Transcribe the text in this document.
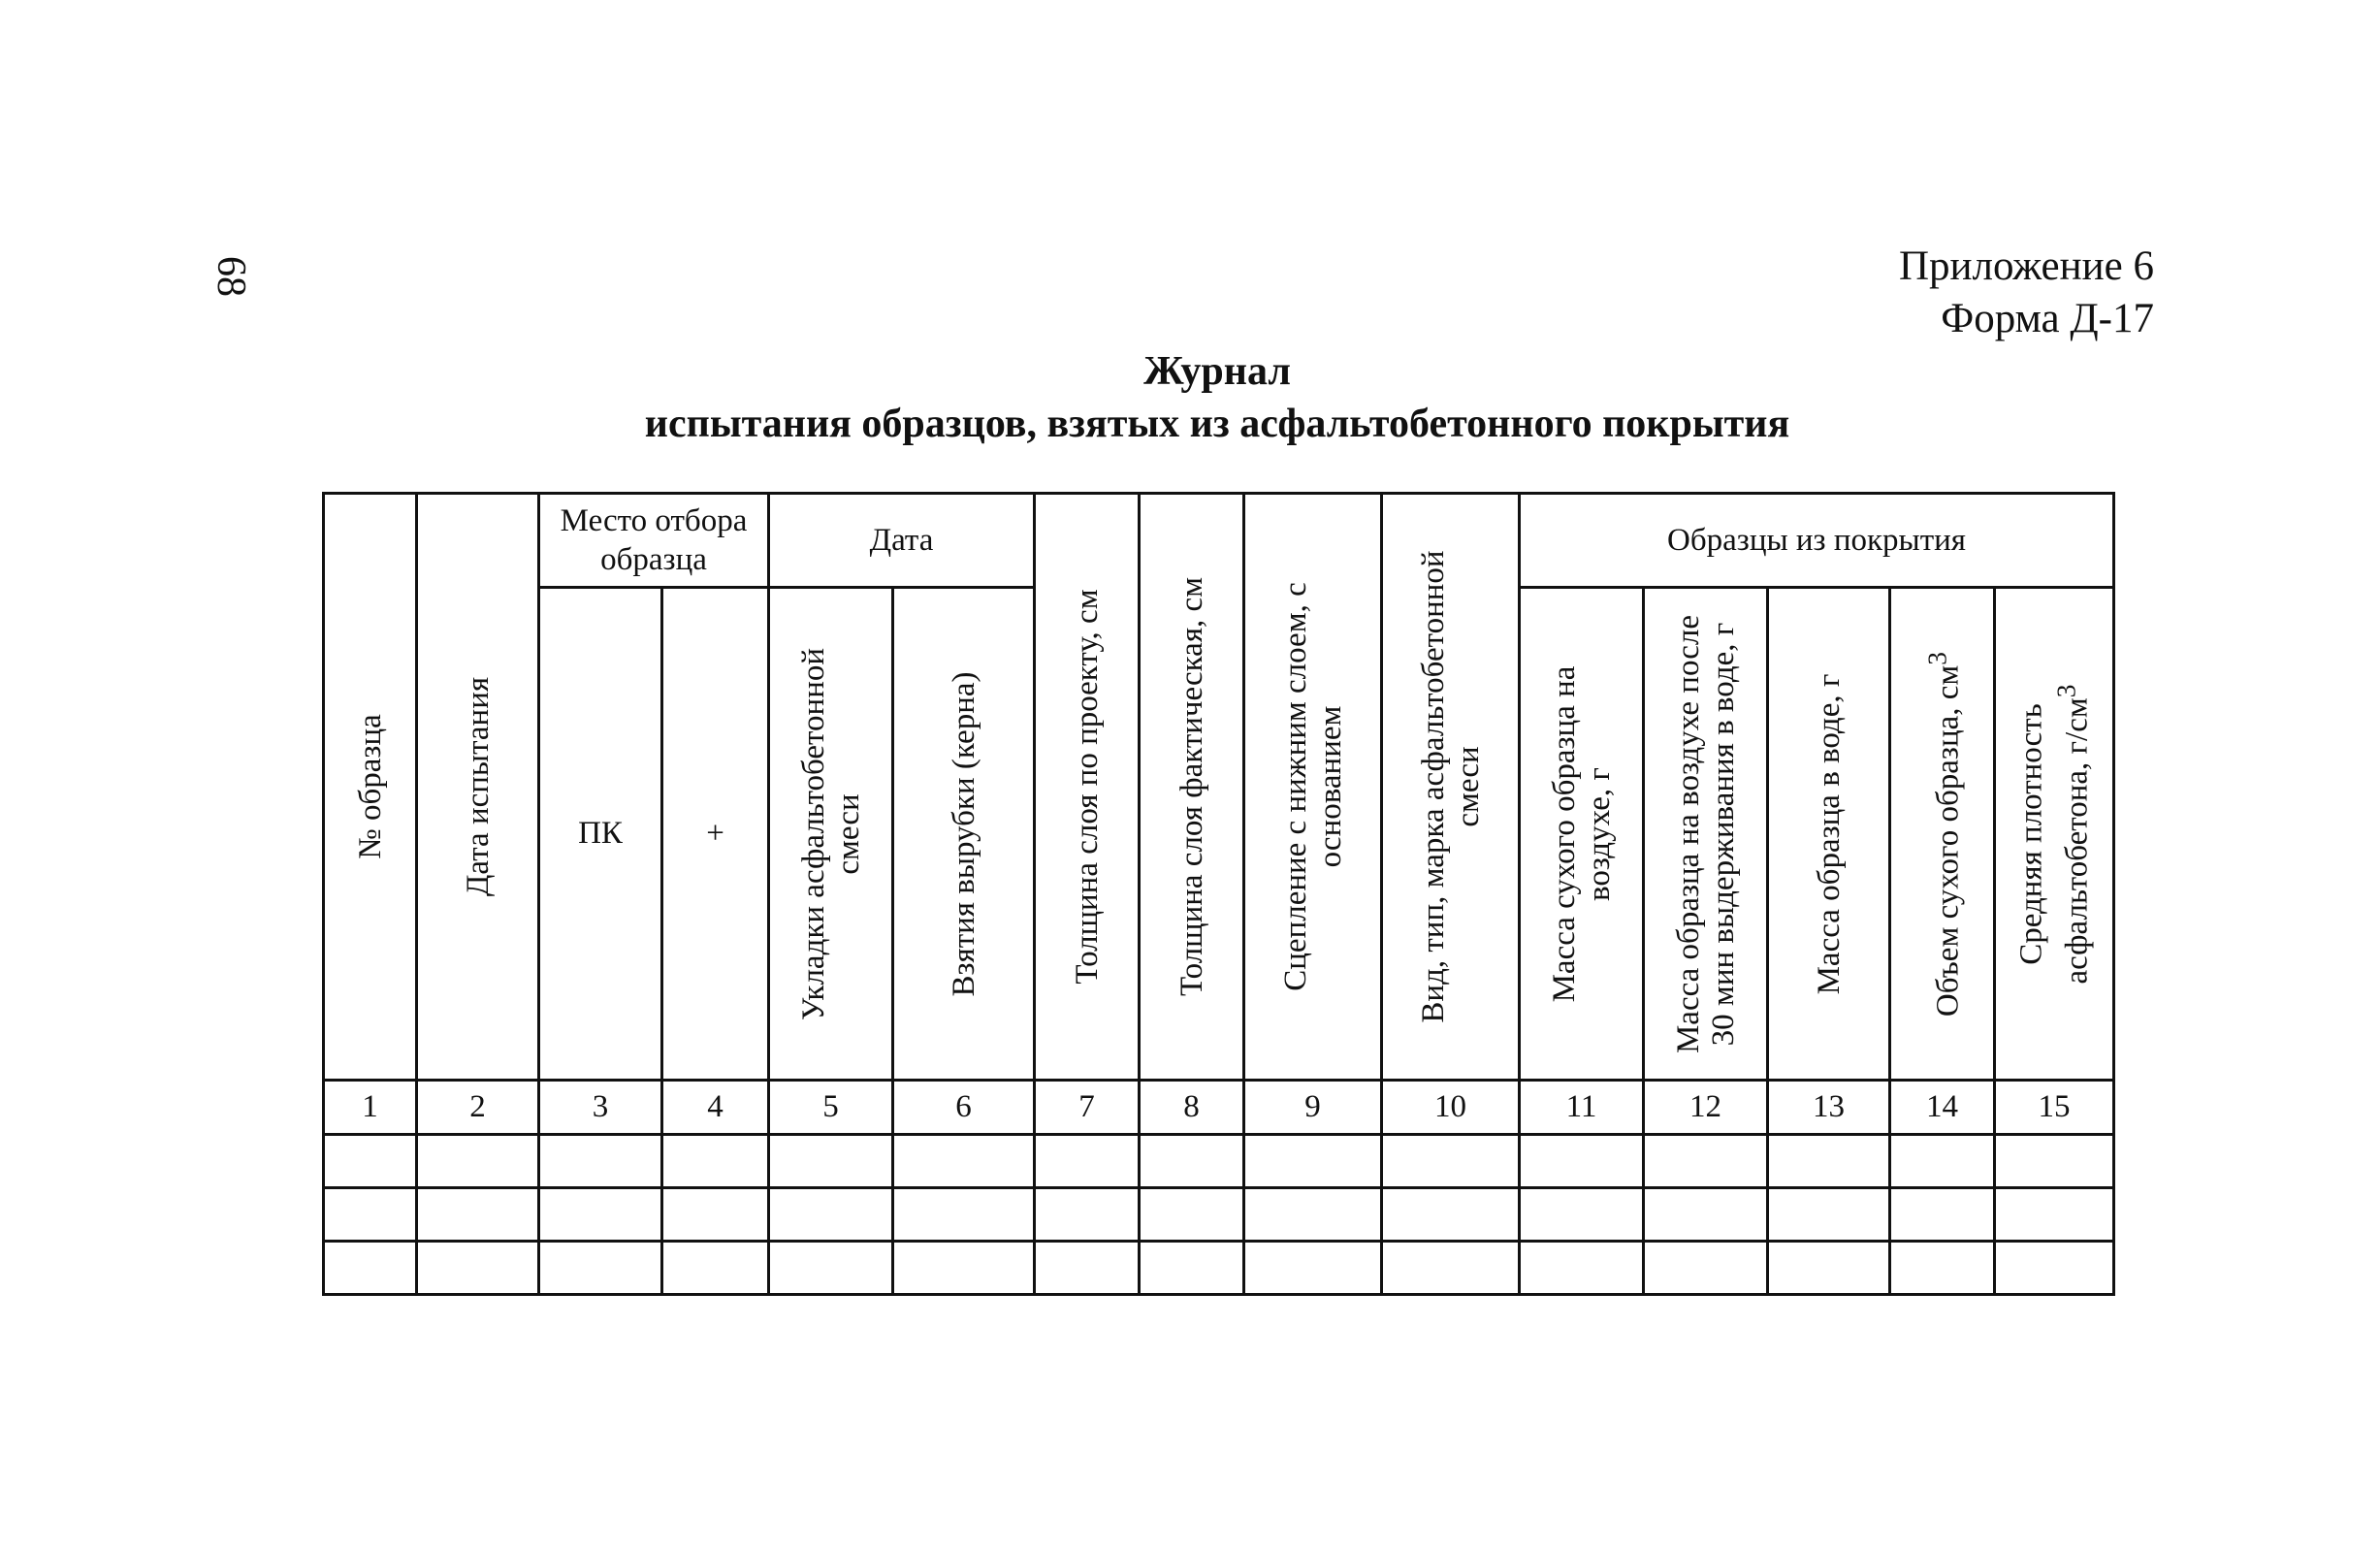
68	Приложение 6
Форма Д-17
Журнал
испытания образцов, взятых из асфальтобетонного покрытия
№ образца	Дата испытания	Место отбора образца		Дата		Толщина слоя по проекту, см	Толщина слоя фактическая, см	Сцепление с нижним слоем, с основанием	Вид, тип, марка асфальтобетонной смеси	Образцы из покрытия				
		ПК	+	Укладки асфальтобетонной смеси	Взятия вырубки (керна)					Масса сухого образца на воздухе, г	Масса образца на воздухе после 30 мин выдерживания в воде, г	Масса образца в воде, г	Объем сухого образца, $см^3$	Средняя плотность асфальтобетона, $г/см^3$

1	2	3	4	5	6	7	8	9	10	11	12	13	14	15
